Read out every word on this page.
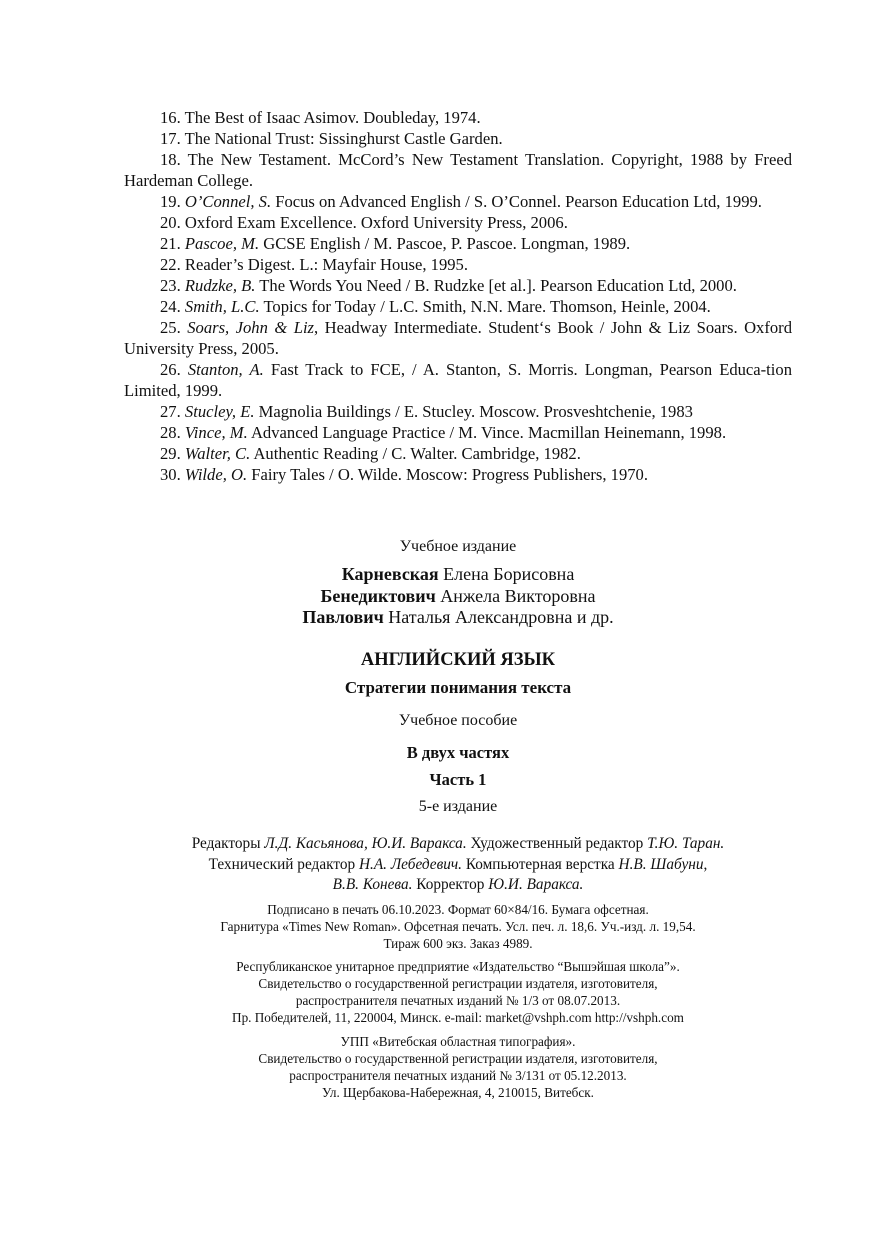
16. The Best of Isaac Asimov. Doubleday, 1974.

17. The National Trust: Sissinghurst Castle Garden.

18. The New Testament. McCord’s New Testament Translation. Copyright, 1988 by Freed Hardeman College.

19. O’Connel, S. Focus on Advanced English / S. O’Connel. Pearson Education Ltd, 1999.

20. Oxford Exam Excellence. Oxford University Press, 2006.

21. Pascoe, M. GCSE English / M. Pascoe, P. Pascoe. Longman, 1989.

22. Reader’s Digest. L.: Mayfair House, 1995.

23. Rudzke, B. The Words You Need / B. Rudzke [et al.]. Pearson Education Ltd, 2000.

24. Smith, L.C. Topics for Today / L.C. Smith, N.N. Mare. Thomson, Heinle, 2004.

25. Soars, John & Liz, Headway Intermediate. Student‘s Book / John & Liz Soars. Oxford University Press, 2005.

26. Stanton, A. Fast Track to FCE, / A. Stanton, S. Morris. Longman, Pearson Educa-tion Limited, 1999.

27. Stucley, E. Magnolia Buildings / E. Stucley. Moscow. Prosveshtchenie, 1983

28. Vince, M. Advanced Language Practice / M. Vince. Macmillan Heinemann, 1998.

29. Walter, C. Authentic Reading / C. Walter. Cambridge, 1982.

30. Wilde, O. Fairy Tales / O. Wilde. Moscow: Progress Publishers, 1970.

Учебное издание
Карневская Елена Борисовна
Бенедиктович Анжела Викторовна
Павлович Наталья Александровна и др.
АНГЛИЙСКИЙ ЯЗЫК
Стратегии понимания текста
Учебное пособие
В двух частях
Часть 1
5-е издание
Редакторы Л.Д. Касьянова, Ю.И. Варакса. Художественный редактор Т.Ю. Таран.
Технический редактор Н.А. Лебедевич. Компьютерная верстка Н.В. Шабуни,
В.В. Конева. Корректор Ю.И. Варакса.
Подписано в печать 06.10.2023. Формат 60×84/16. Бумага офсетная.
Гарнитура «Times New Roman». Офсетная печать. Усл. печ. л. 18,6. Уч.-изд. л. 19,54.
Тираж 600 экз. Заказ 4989.
Республиканское унитарное предприятие «Издательство “Вышэйшая школа”».
Свидетельство о государственной регистрации издателя, изготовителя,
распространителя печатных изданий № 1/3 от 08.07.2013.
Пр. Победителей, 11, 220004, Минск. e-mail: market@vshph.com http://vshph.com
УПП «Витебская областная типография».
Свидетельство о государственной регистрации издателя, изготовителя,
распространителя печатных изданий № 3/131 от 05.12.2013.
Ул. Щербакова-Набережная, 4, 210015, Витебск.
